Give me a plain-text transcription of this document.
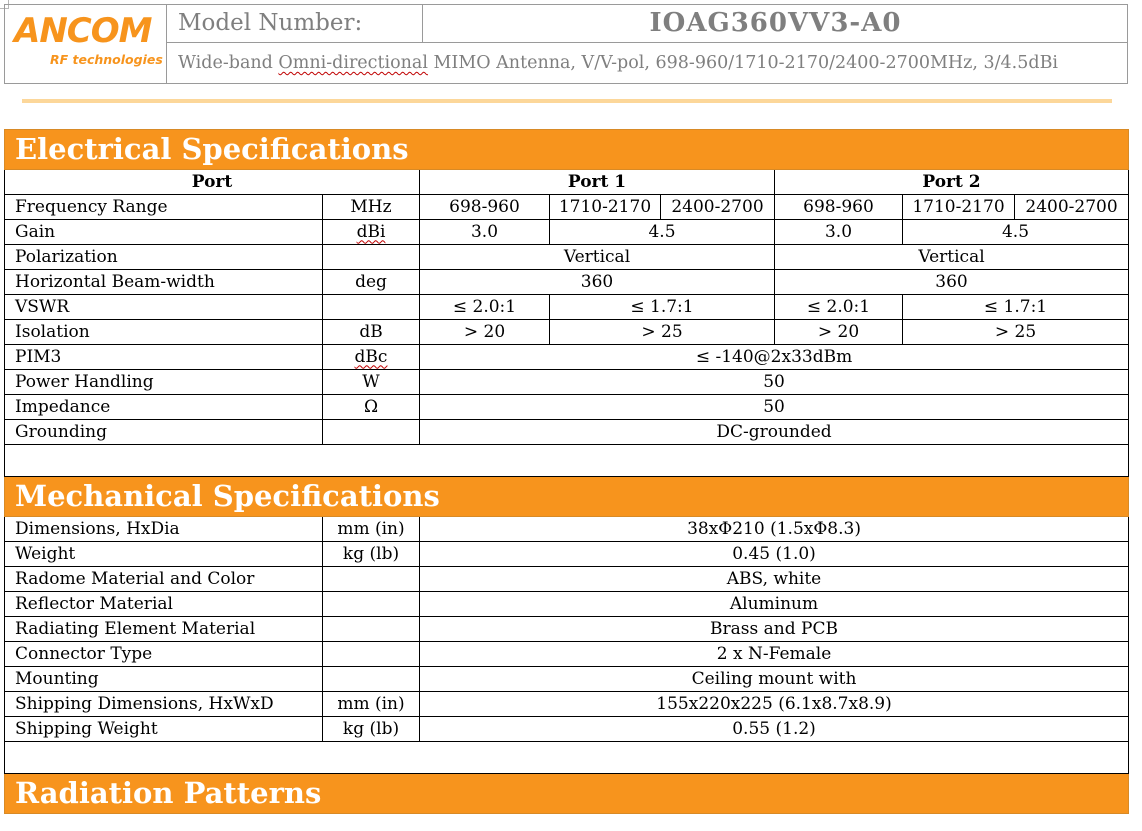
ANCOM
RF technologies
Model Number:	IOAG360VV3-A0
Wide-band Omni-directional MIMO Antenna, V/V-pol, 698-960/1710-2170/2400-2700MHz, 3/4.5dBi
Electrical Specifications							
Port		Port 1			Port 2		
Frequency Range	MHz	698-960	1710-2170	2400-2700	698-960	1710-2170	2400-2700
Gain	dBi	3.0	4.5		3.0	4.5	
Polarization		Vertical			Vertical		
Horizontal Beam-width	deg	360			360		
VSWR		≤ 2.0:1	≤ 1.7:1		≤ 2.0:1	≤ 1.7:1	
Isolation	dB	> 20	> 25		> 20	> 25	
PIM3	dBc	≤ -140@2x33dBm					
Power Handling	W	50					
Impedance	Ω	50					
Grounding		DC-grounded					

Mechanical Specifications							
Dimensions, HxDia	mm (in)	38xΦ210 (1.5xΦ8.3)					
Weight	kg (lb)	0.45 (1.0)					
Radome Material and Color		ABS, white					
Reflector Material		Aluminum					
Radiating Element Material		Brass and PCB					
Connector Type		2 x N-Female					
Mounting		Ceiling mount with					
Shipping Dimensions, HxWxD	mm (in)	155x220x225 (6.1x8.7x8.9)					
Shipping Weight	kg (lb)	0.55 (1.2)					

Radiation Patterns							
